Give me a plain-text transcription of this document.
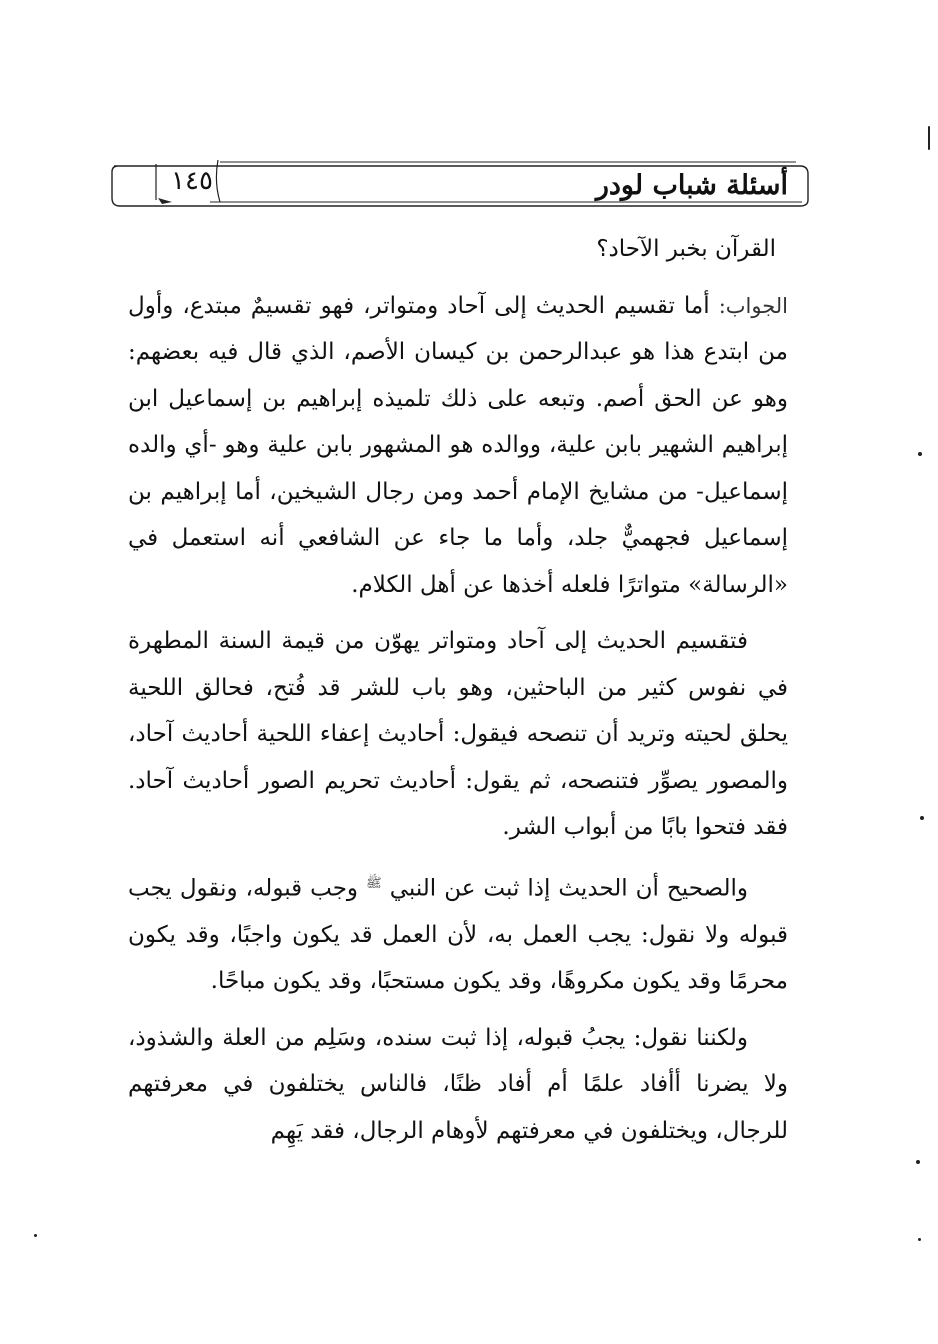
١٤٥	أسئلة شباب لودر

القرآن بخبر الآحاد؟

الجواب: أما تقسيم الحديث إلى آحاد ومتواتر، فهو تقسيمٌ مبتدع، وأول من ابتدع هذا هو عبدالرحمن بن كيسان الأصم، الذي قال فيه بعضهم: وهو عن الحق أصم. وتبعه على ذلك تلميذه إبراهيم بن إسماعيل ابن إبراهيم الشهير بابن علية، ووالده هو المشهور بابن علية وهو -أي والده إسماعيل- من مشايخ الإمام أحمد ومن رجال الشيخين، أما إبراهيم بن إسماعيل فجهميٌّ جلد، وأما ما جاء عن الشافعي أنه استعمل في «الرسالة» متواترًا فلعله أخذها عن أهل الكلام.

فتقسيم الحديث إلى آحاد ومتواتر يهوّن من قيمة السنة المطهرة في نفوس كثير من الباحثين، وهو باب للشر قد فُتح، فحالق اللحية يحلق لحيته وتريد أن تنصحه فيقول: أحاديث إعفاء اللحية أحاديث آحاد، والمصور يصوِّر فتنصحه، ثم يقول: أحاديث تحريم الصور أحاديث آحاد. فقد فتحوا بابًا من أبواب الشر.

والصحيح أن الحديث إذا ثبت عن النبي $^ﷺ$ وجب قبوله، ونقول يجب قبوله ولا نقول: يجب العمل به، لأن العمل قد يكون واجبًا، وقد يكون محرمًا وقد يكون مكروهًا، وقد يكون مستحبًا، وقد يكون مباحًا.

ولكننا نقول: يجبُ قبوله، إذا ثبت سنده، وسَلِم من العلة والشذوذ، ولا يضرنا أأفاد علمًا أم أفاد ظنًا، فالناس يختلفون في معرفتهم للرجال، ويختلفون في معرفتهم لأوهام الرجال، فقد يَهِم
